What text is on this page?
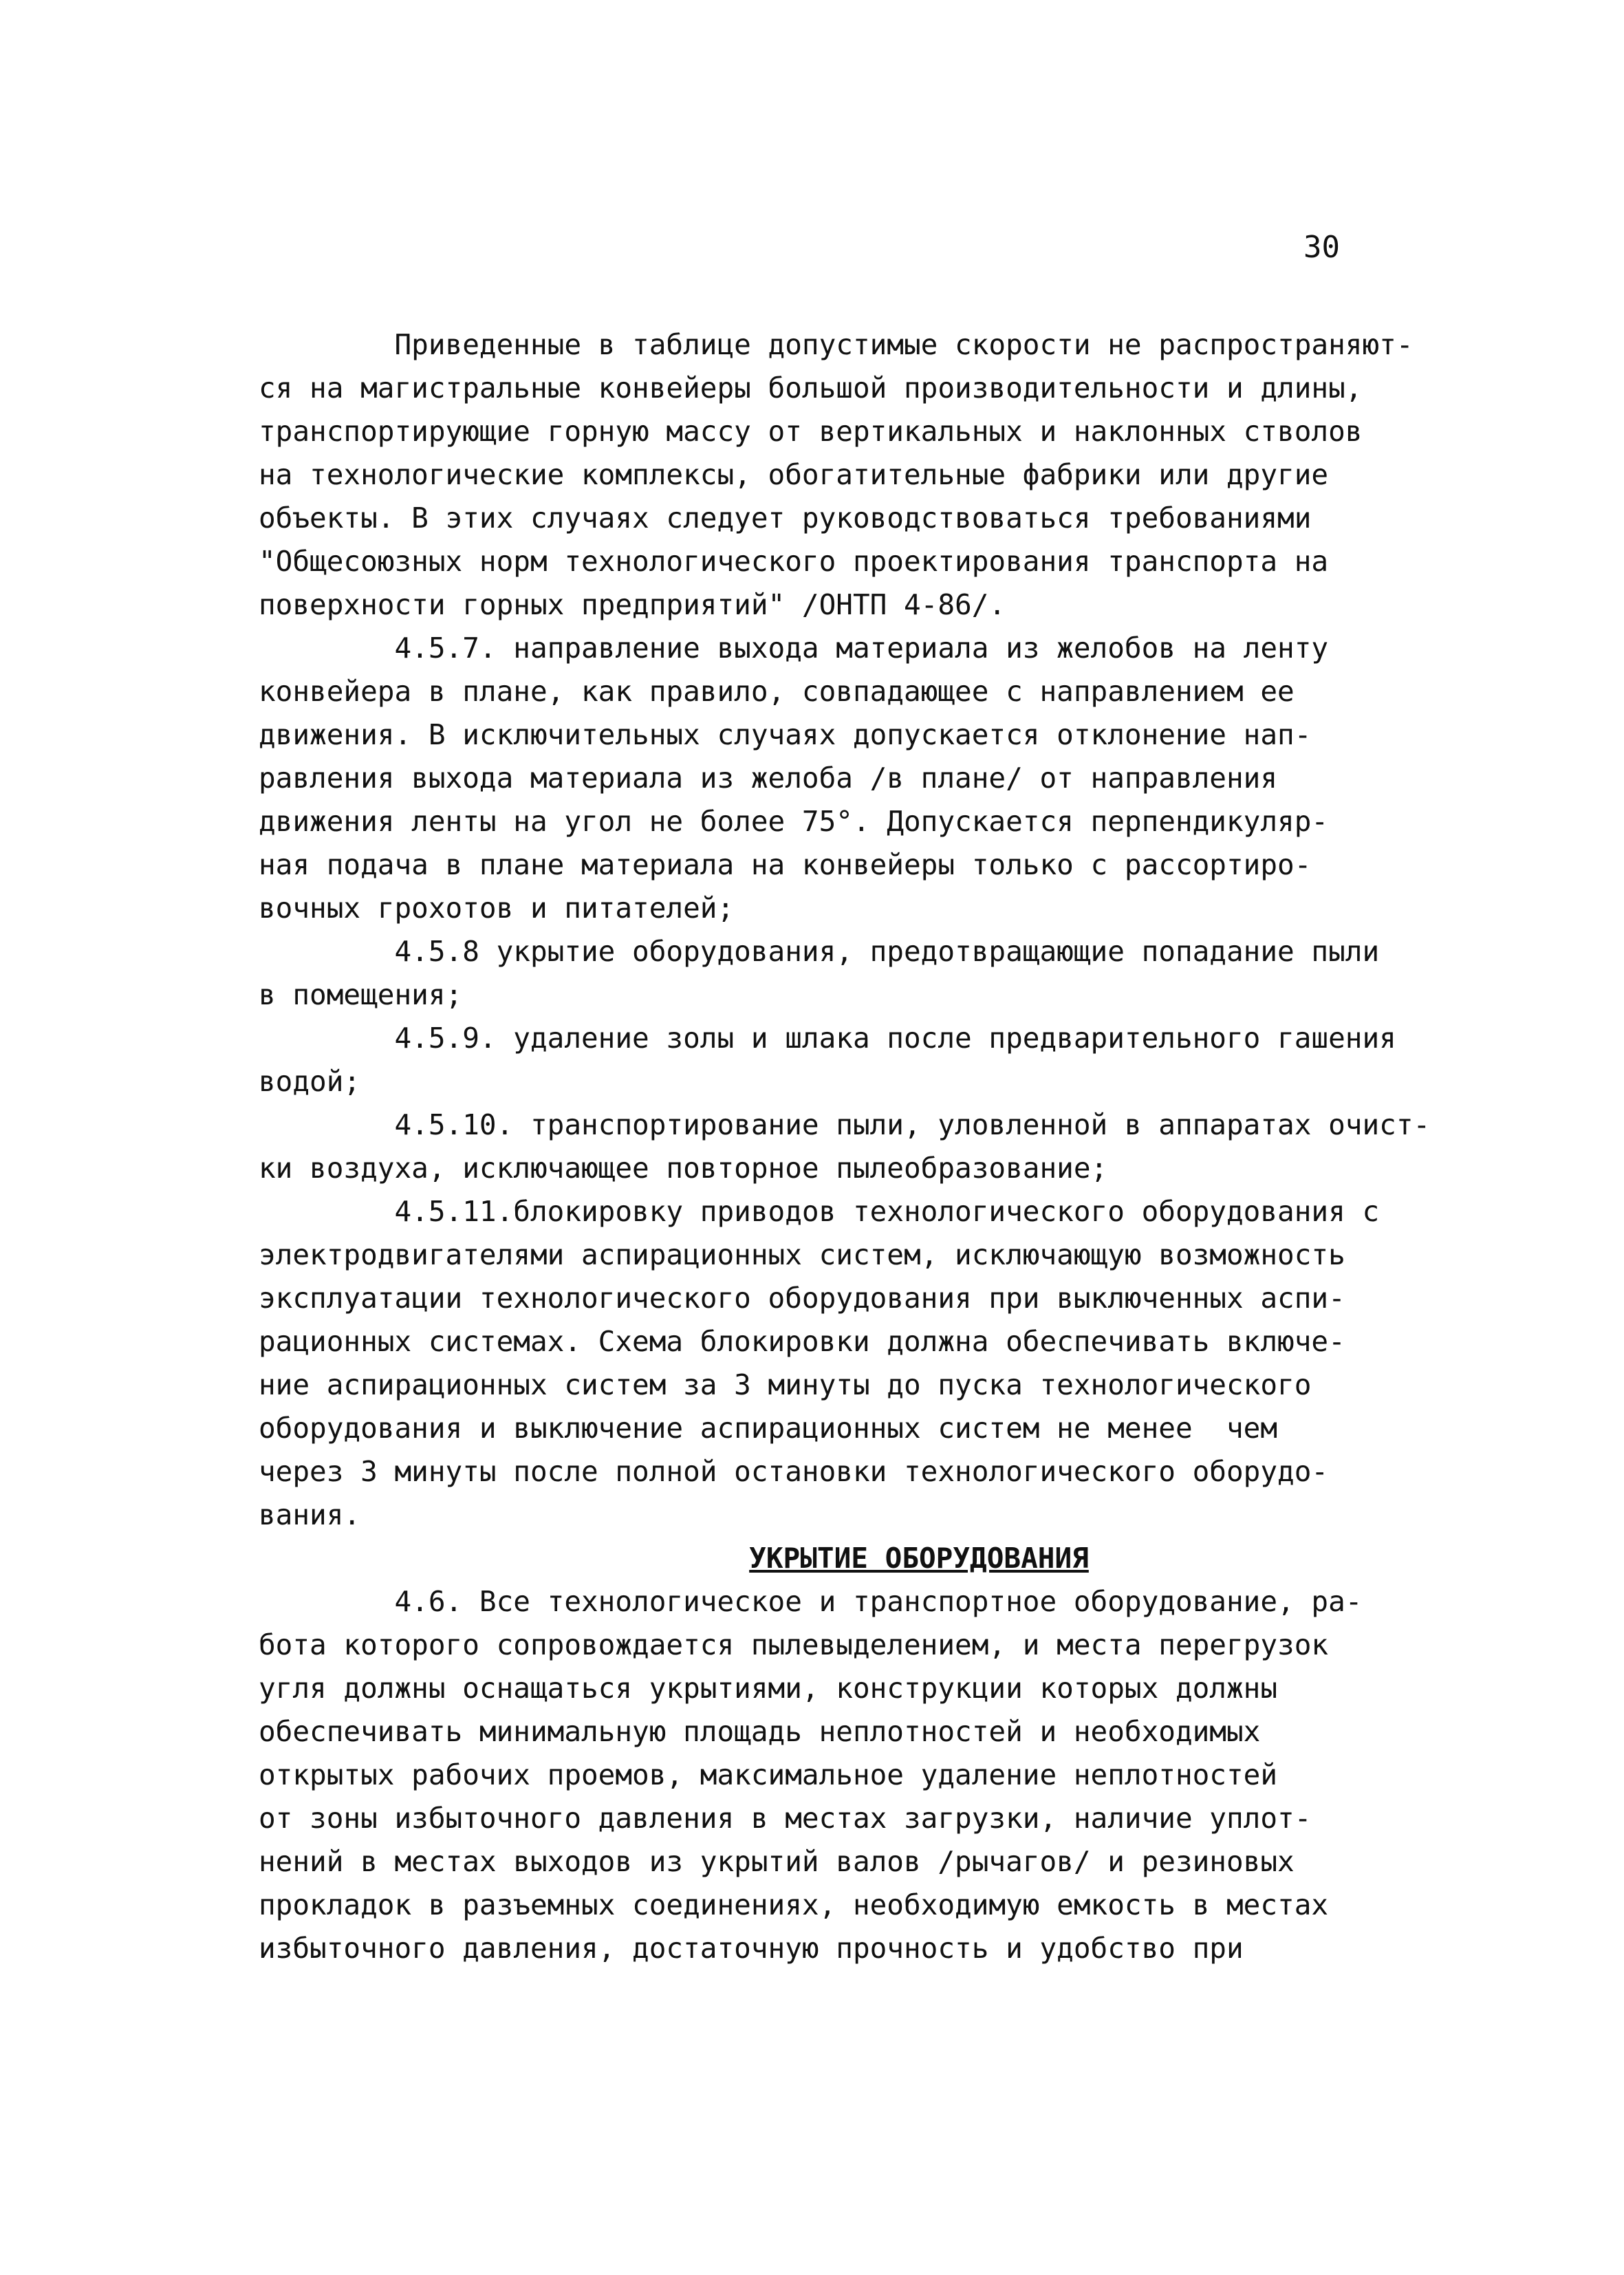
30
Приведенные в таблице допустимые скорости не распространяют-
ся на магистральные конвейеры большой производительности и длины,
транспортирующие горную массу от вертикальных и наклонных стволов
на технологические комплексы, обогатительные фабрики или другие
объекты. В этих случаях следует руководствоваться требованиями
"Общесоюзных норм технологического проектирования транспорта на
поверхности горных предприятий" /ОНТП 4-86/.
4.5.7. направление выхода материала из желобов на ленту
конвейера в плане, как правило, совпадающее с направлением ее
движения. В исключительных случаях допускается отклонение нап-
равления выхода материала из желоба /в плане/ от направления
движения ленты на угол не более 75°. Допускается перпендикуляр-
ная подача в плане материала на конвейеры только с рассортиро-
вочных грохотов и питателей;
4.5.8 укрытие оборудования, предотвращающие попадание пыли
в помещения;
4.5.9. удаление золы и шлака после предварительного гашения
водой;
4.5.10. транспортирование пыли, уловленной в аппаратах очист-
ки воздуха, исключающее повторное пылеобразование;
4.5.11.блокировку приводов технологического оборудования с
электродвигателями аспирационных систем, исключающую возможность
эксплуатации технологического оборудования при выключенных аспи-
рационных системах. Схема блокировки должна обеспечивать включе-
ние аспирационных систем за 3 минуты до пуска технологического
оборудования и выключение аспирационных систем не менее  чем
через 3 минуты после полной остановки технологического оборудо-
вания.
УКРЫТИЕ ОБОРУДОВАНИЯ
4.6. Все технологическое и транспортное оборудование, ра-
бота которого сопровождается пылевыделением, и места перегрузок
угля должны оснащаться укрытиями, конструкции которых должны
обеспечивать минимальную площадь неплотностей и необходимых
открытых рабочих проемов, максимальное удаление неплотностей
от зоны избыточного давления в местах загрузки, наличие уплот-
нений в местах выходов из укрытий валов /рычагов/ и резиновых
прокладок в разъемных соединениях, необходимую емкость в местах
избыточного давления, достаточную прочность и удобство при
